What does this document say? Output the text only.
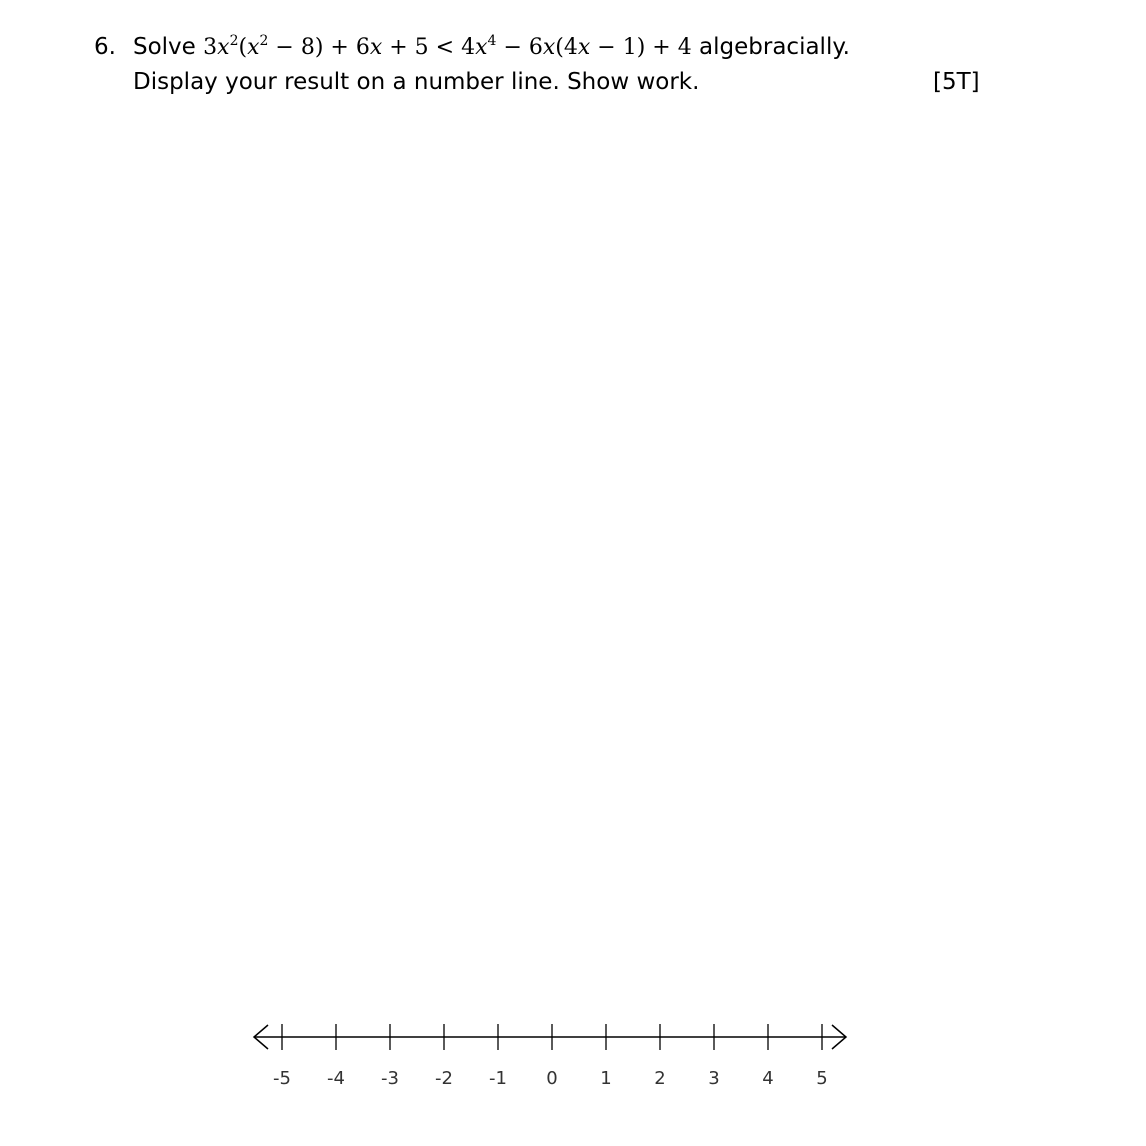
6. Solve $3x^2(x^2 - 8) + 6x + 5 < 4x^4 - 6x(4x - 1) + 4$ algebracially.
Display your result on a number line. Show work.	[5T]
-5 -4 -3 -2 -1 0 1 2 3 4 5
